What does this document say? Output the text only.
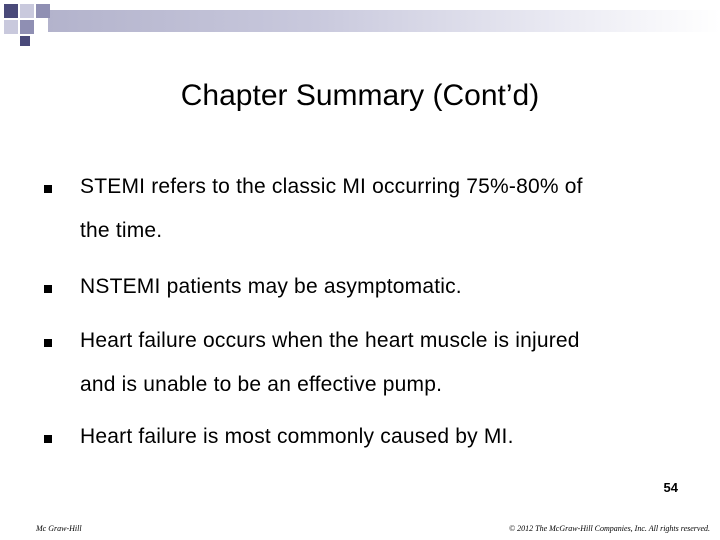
Chapter Summary (Cont’d)
STEMI refers to the classic MI occurring 75%-80% of
the time.
NSTEMI patients may be asymptomatic.
Heart failure occurs when the heart muscle is injured
and is unable to be an effective pump.
Heart failure is most commonly caused by MI.
54
Mc Graw-Hill	© 2012 The McGraw-Hill Companies, Inc. All rights reserved.
